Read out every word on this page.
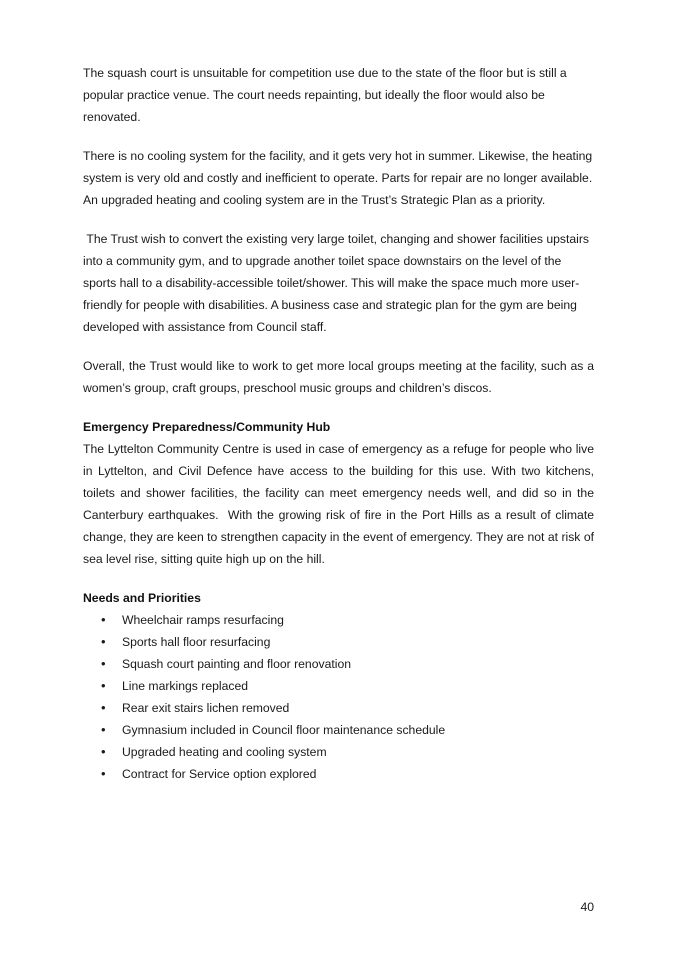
The squash court is unsuitable for competition use due to the state of the floor but is still a popular practice venue. The court needs repainting, but ideally the floor would also be renovated.

There is no cooling system for the facility, and it gets very hot in summer. Likewise, the heating system is very old and costly and inefficient to operate. Parts for repair are no longer available. An upgraded heating and cooling system are in the Trust’s Strategic Plan as a priority.

The Trust wish to convert the existing very large toilet, changing and shower facilities upstairs into a community gym, and to upgrade another toilet space downstairs on the level of the sports hall to a disability-accessible toilet/shower. This will make the space much more user-friendly for people with disabilities. A business case and strategic plan for the gym are being developed with assistance from Council staff.

Overall, the Trust would like to work to get more local groups meeting at the facility, such as a women’s group, craft groups, preschool music groups and children’s discos.

Emergency Preparedness/Community Hub

The Lyttelton Community Centre is used in case of emergency as a refuge for people who live in Lyttelton, and Civil Defence have access to the building for this use. With two kitchens, toilets and shower facilities, the facility can meet emergency needs well, and did so in the Canterbury earthquakes.  With the growing risk of fire in the Port Hills as a result of climate change, they are keen to strengthen capacity in the event of emergency. They are not at risk of sea level rise, sitting quite high up on the hill.

Needs and Priorities
• Wheelchair ramps resurfacing
• Sports hall floor resurfacing
• Squash court painting and floor renovation
• Line markings replaced
• Rear exit stairs lichen removed
• Gymnasium included in Council floor maintenance schedule
• Upgraded heating and cooling system
• Contract for Service option explored
40
